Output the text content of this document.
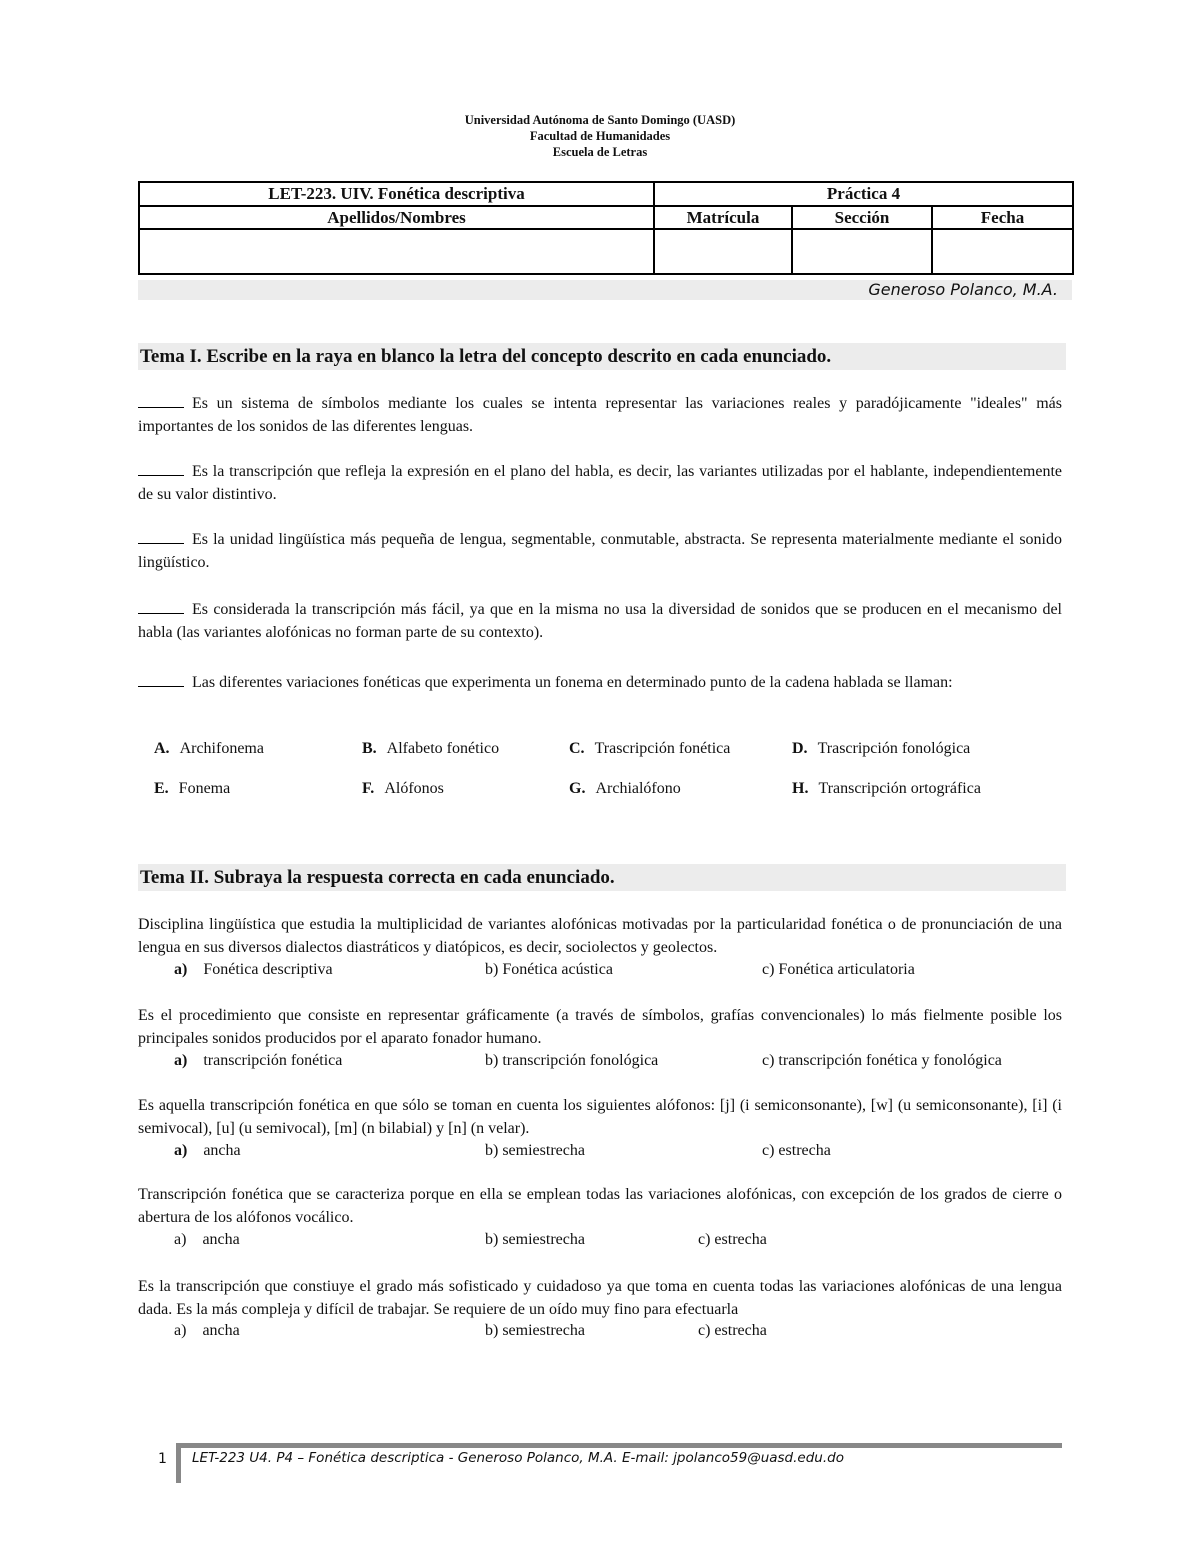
Universidad Autónoma de Santo Domingo (UASD)
Facultad de Humanidades
Escuela de Letras
LET-223. UIV. Fonética descriptiva	Práctica 4		
Apellidos/Nombres	Matrícula	Sección	Fecha

Generoso Polanco, M.A.
Tema I. Escribe en la raya en blanco la letra del concepto descrito en cada enunciado.
Es un sistema de símbolos mediante los cuales se intenta representar las variaciones reales y paradójicamente "ideales" más importantes de los sonidos de las diferentes lenguas.
Es la transcripción que refleja la expresión en el plano del habla, es decir, las variantes utilizadas por el hablante, independientemente de su valor distintivo.
Es la unidad lingüística más pequeña de lengua, segmentable, conmutable, abstracta. Se representa materialmente mediante el sonido lingüístico.
Es considerada la transcripción más fácil, ya que en la misma no usa la diversidad de sonidos que se producen en el mecanismo del habla (las variantes alofónicas no forman parte de su contexto).
Las diferentes variaciones fonéticas que experimenta un fonema en determinado punto de la cadena hablada se llaman:
A. Archifonema	B. Alfabeto fonético	C. Trascripción fonética	D. Trascripción fonológica
E. Fonema	F. Alófonos	G. Archialófono	H. Transcripción ortográfica
Tema II. Subraya la respuesta correcta en cada enunciado.
Disciplina lingüística que estudia la multiplicidad de variantes alofónicas motivadas por la particularidad fonética o de pronunciación de una lengua en sus diversos dialectos diastráticos y diatópicos, es decir, sociolectos y geolectos.
a) Fonética descriptiva	b) Fonética acústica	c) Fonética articulatoria
Es el procedimiento que consiste en representar gráficamente (a través de símbolos, grafías convencionales) lo más fielmente posible los principales sonidos producidos por el aparato fonador humano.
a) transcripción fonética	b) transcripción fonológica	c) transcripción fonética y fonológica
Es aquella transcripción fonética en que sólo se toman en cuenta los siguientes alófonos: [j] (i semiconsonante), [w] (u semiconsonante), [i] (i semivocal), [u] (u semivocal), [m] (n bilabial) y [n] (n velar).
a) ancha	b) semiestrecha	c) estrecha
Transcripción fonética que se caracteriza porque en ella se emplean todas las variaciones alofónicas, con excepción de los grados de cierre o abertura de los alófonos vocálico.
a) ancha	b) semiestrecha	c) estrecha
Es la transcripción que constiuye el grado más sofisticado y cuidadoso ya que toma en cuenta todas las variaciones alofónicas de una lengua dada. Es la más compleja y difícil de trabajar. Se requiere de un oído muy fino para efectuarla
a) ancha	b) semiestrecha	c) estrecha
1 LET-223 U4. P4 – Fonética descriptica - Generoso Polanco, M.A. E-mail: jpolanco59@uasd.edu.do
